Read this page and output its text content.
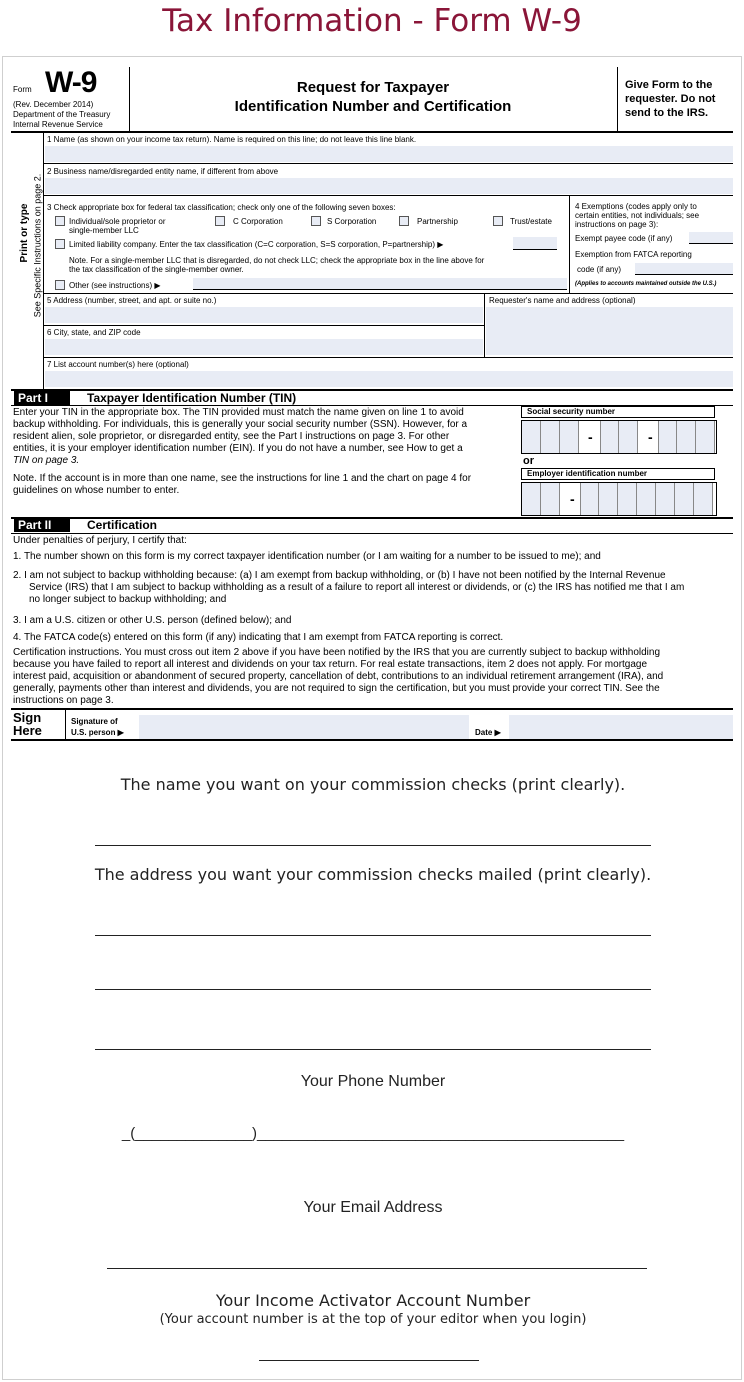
Tax Information - Form W-9
Form W-9
(Rev. December 2014)
Department of the Treasury
Internal Revenue Service
Request for Taxpayer
Identification Number and Certification
Give Form to the
requester. Do not
send to the IRS.
Print or type See Specific Instructions on page 2.
1 Name (as shown on your income tax return). Name is required on this line; do not leave this line blank.
2 Business name/disregarded entity name, if different from above
3 Check appropriate box for federal tax classification; check only one of the following seven boxes:
Individual/sole proprietor or
single-member LLC
C Corporation	S Corporation	Partnership	Trust/estate
Limited liability company. Enter the tax classification (C=C corporation, S=S corporation, P=partnership) ▶
Note. For a single-member LLC that is disregarded, do not check LLC; check the appropriate box in the line above for
the tax classification of the single-member owner.
Other (see instructions) ▶
4 Exemptions (codes apply only to
certain entities, not individuals; see
instructions on page 3):
Exempt payee code (if any)
Exemption from FATCA reporting
code (if any)
(Applies to accounts maintained outside the U.S.)
5 Address (number, street, and apt. or suite no.)	Requester's name and address (optional)
6 City, state, and ZIP code
7 List account number(s) here (optional)
Part I	Taxpayer Identification Number (TIN)
Enter your TIN in the appropriate box. The TIN provided must match the name given on line 1 to avoid
backup withholding. For individuals, this is generally your social security number (SSN). However, for a
resident alien, sole proprietor, or disregarded entity, see the Part I instructions on page 3. For other
entities, it is your employer identification number (EIN). If you do not have a number, see How to get a
TIN on page 3.
Note. If the account is in more than one name, see the instructions for line 1 and the chart on page 4 for
guidelines on whose number to enter.
Social security number
-	-
or
Employer identification number
-
Part II	Certification
Under penalties of perjury, I certify that:
1. The number shown on this form is my correct taxpayer identification number (or I am waiting for a number to be issued to me); and
2. I am not subject to backup withholding because: (a) I am exempt from backup withholding, or (b) I have not been notified by the Internal Revenue
Service (IRS) that I am subject to backup withholding as a result of a failure to report all interest or dividends, or (c) the IRS has notified me that I am
no longer subject to backup withholding; and
3. I am a U.S. citizen or other U.S. person (defined below); and
4. The FATCA code(s) entered on this form (if any) indicating that I am exempt from FATCA reporting is correct.
Certification instructions. You must cross out item 2 above if you have been notified by the IRS that you are currently subject to backup withholding
because you have failed to report all interest and dividends on your tax return. For real estate transactions, item 2 does not apply. For mortgage
interest paid, acquisition or abandonment of secured property, cancellation of debt, contributions to an individual retirement arrangement (IRA), and
generally, payments other than interest and dividends, you are not required to sign the certification, but you must provide your correct TIN. See the
instructions on page 3.
Sign
Here
Signature of
U.S. person ▶	Date ▶
The name you want on your commission checks (print clearly).
The address you want your commission checks mailed (print clearly).
Your Phone Number
_(______________)____________________________________________
Your Email Address
Your Income Activator Account Number
(Your account number is at the top of your editor when you login)
